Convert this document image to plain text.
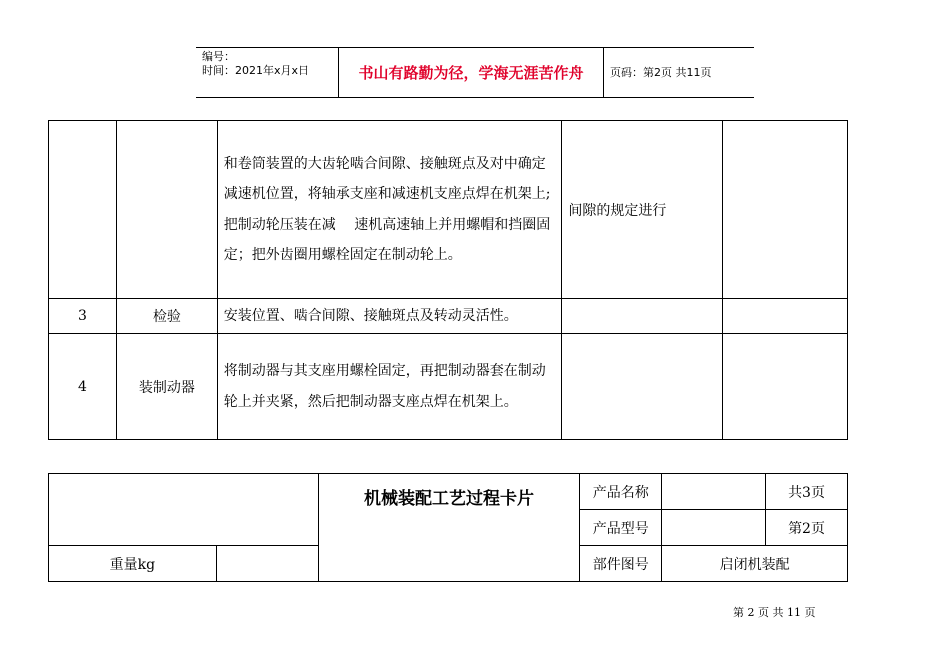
编号：
时间：2021年x月x日	书山有路勤为径，学海无涯苦作舟	页码：第2页 共11页
		和卷筒装置的大齿轮啮合间隙、接触斑点及对中确定减速机位置，将轴承支座和减速机支座点焊在机架上;把制动轮压装在减　 速机高速轴上并用螺帽和挡圈固定；把外齿圈用螺栓固定在制动轮上。	间隙的规定进行	
3	检验	安装位置、啮合间隙、接触斑点及转动灵活性。		
4	装制动器	将制动器与其支座用螺栓固定，再把制动器套在制动轮上并夹紧，然后把制动器支座点焊在机架上。		
		机械装配工艺过程卡片	产品名称		共3页
			产品型号		第2页
重量kg			部件图号	启闭机装配	
第 2 页 共 11 页
